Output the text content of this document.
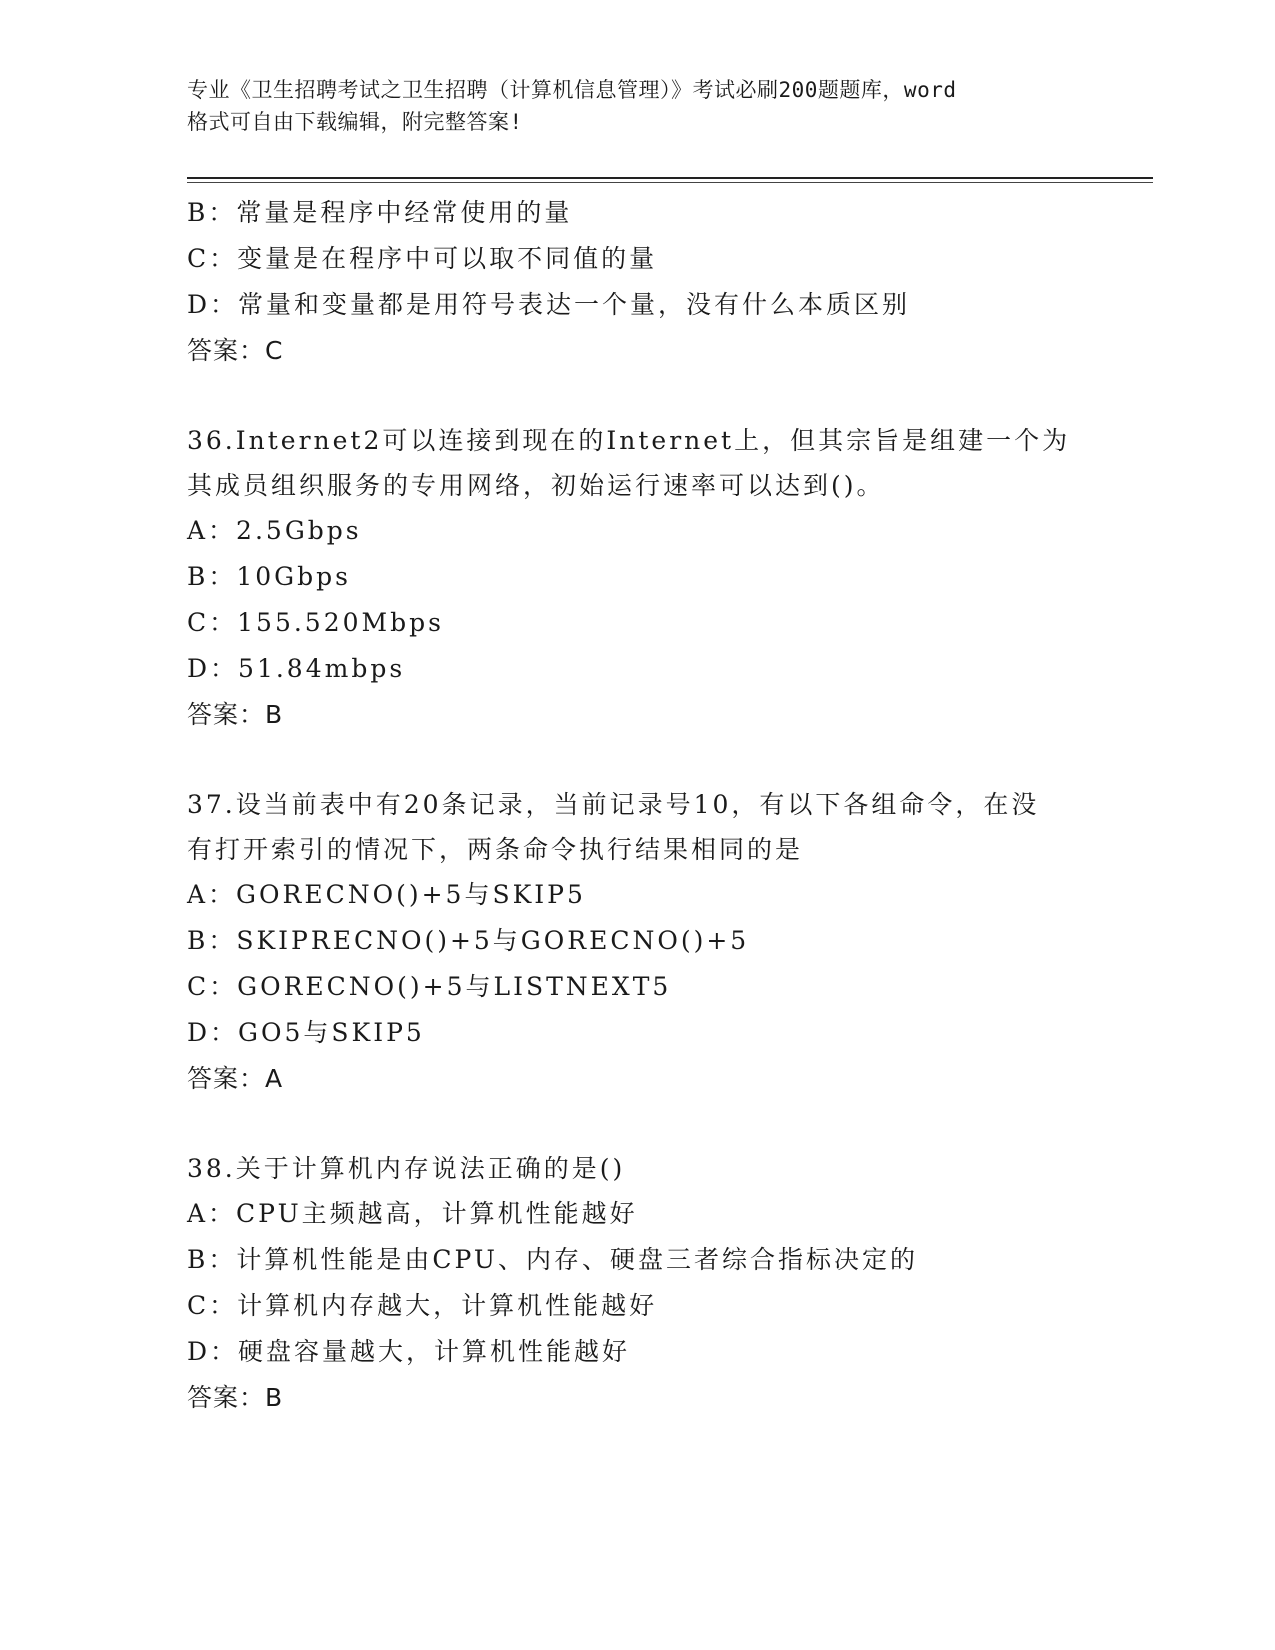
专业《卫生招聘考试之卫生招聘（计算机信息管理）》考试必刷200题题库，word
格式可自由下载编辑，附完整答案!
B：常量是程序中经常使用的量
C：变量是在程序中可以取不同值的量
D：常量和变量都是用符号表达一个量，没有什么本质区别
答案：C
36.Internet2可以连接到现在的Internet上，但其宗旨是组建一个为
其成员组织服务的专用网络，初始运行速率可以达到()。
A：2.5Gbps
B：10Gbps
C：155.520Mbps
D：51.84mbps
答案：B
37.设当前表中有20条记录，当前记录号10，有以下各组命令，在没
有打开索引的情况下，两条命令执行结果相同的是
A：GORECNO()+5与SKIP5
B：SKIPRECNO()+5与GORECNO()+5
C：GORECNO()+5与LISTNEXT5
D：GO5与SKIP5
答案：A
38.关于计算机内存说法正确的是()
A：CPU主频越高，计算机性能越好
B：计算机性能是由CPU、内存、硬盘三者综合指标决定的
C：计算机内存越大，计算机性能越好
D：硬盘容量越大，计算机性能越好
答案：B
